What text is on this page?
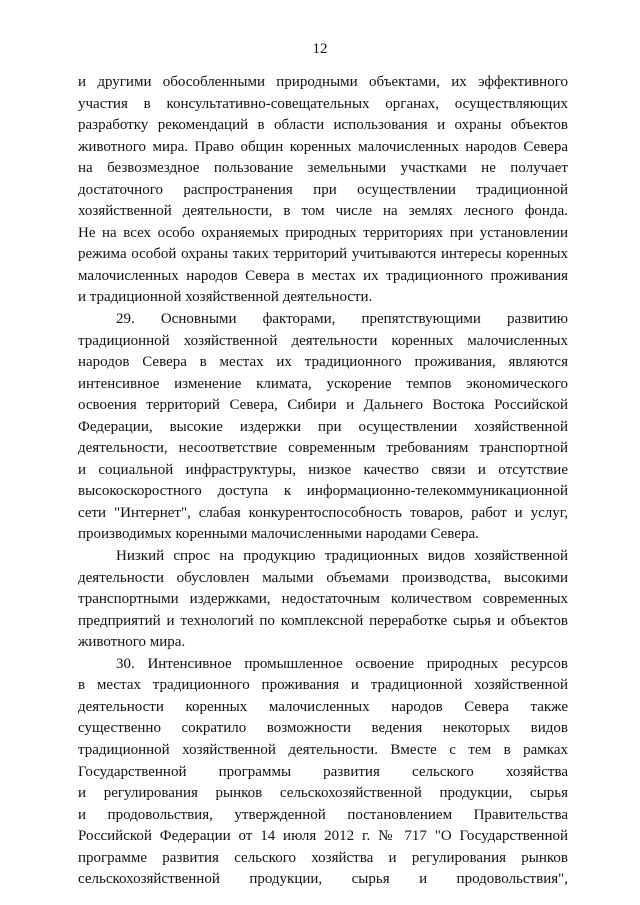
12
и другими обособленными природными объектами, их эффективного
участия в консультативно-совещательных органах, осуществляющих
разработку рекомендаций в области использования и охраны объектов
животного мира. Право общин коренных малочисленных народов Севера
на безвозмездное пользование земельными участками не получает
достаточного распространения при осуществлении традиционной
хозяйственной деятельности, в том числе на землях лесного фонда.
Не на всех особо охраняемых природных территориях при установлении
режима особой охраны таких территорий учитываются интересы коренных
малочисленных народов Севера в местах их традиционного проживания
и традиционной хозяйственной деятельности.
29. Основными факторами, препятствующими развитию
традиционной хозяйственной деятельности коренных малочисленных
народов Севера в местах их традиционного проживания, являются
интенсивное изменение климата, ускорение темпов экономического
освоения территорий Севера, Сибири и Дальнего Востока Российской
Федерации, высокие издержки при осуществлении хозяйственной
деятельности, несоответствие современным требованиям транспортной
и социальной инфраструктуры, низкое качество связи и отсутствие
высокоскоростного доступа к информационно-телекоммуникационной
сети "Интернет", слабая конкурентоспособность товаров, работ и услуг,
производимых коренными малочисленными народами Севера.
Низкий спрос на продукцию традиционных видов хозяйственной
деятельности обусловлен малыми объемами производства, высокими
транспортными издержками, недостаточным количеством современных
предприятий и технологий по комплексной переработке сырья и объектов
животного мира.
30. Интенсивное промышленное освоение природных ресурсов
в местах традиционного проживания и традиционной хозяйственной
деятельности коренных малочисленных народов Севера также
существенно сократило возможности ведения некоторых видов
традиционной хозяйственной деятельности. Вместе с тем в рамках
Государственной программы развития сельского хозяйства
и регулирования рынков сельскохозяйственной продукции, сырья
и продовольствия, утвержденной постановлением Правительства
Российской Федерации от 14 июля 2012 г. № 717 "О Государственной
программе развития сельского хозяйства и регулирования рынков
сельскохозяйственной продукции, сырья и продовольствия",
